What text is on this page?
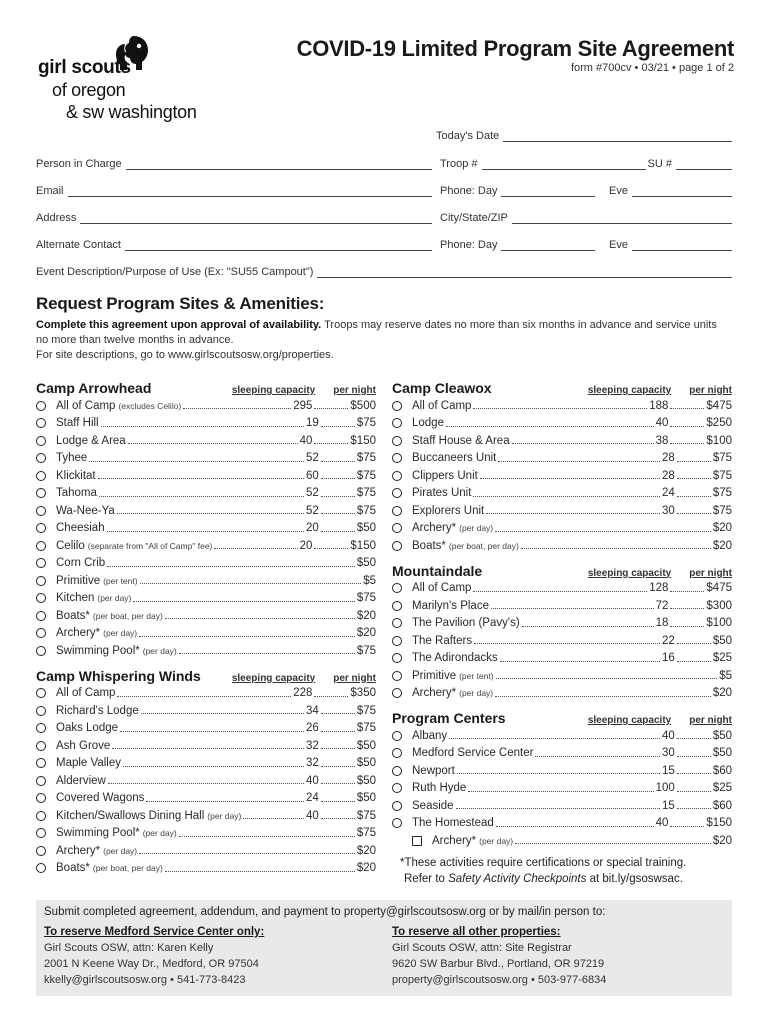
girl scouts
of oregon
& sw washington
COVID-19 Limited Program Site Agreement
form #700cv • 03/21 • page 1 of 2
Today's Date
Person in Charge	Troop #	SU #
Email	Phone: Day	Eve
Address	City/State/ZIP
Alternate Contact	Phone: Day	Eve
Event Description/Purpose of Use (Ex: "SU55 Campout")
Request Program Sites & Amenities:
Complete this agreement upon approval of availability. Troops may reserve dates no more than six months in advance and service units no more than twelve months in advance.
For site descriptions, go to www.girlscoutsosw.org/properties.
Camp Arrowhead	sleeping capacity per night
All of Camp (excludes Celilo)	295	$500
Staff Hill	19	$75
Lodge & Area	40	$150
Tyhee	52	$75
Klickitat	60	$75
Tahoma	52	$75
Wa-Nee-Ya	52	$75
Cheesiah	20	$50
Celilo (separate from "All of Camp" fee)	20	$150
Corn Crib	$50
Primitive (per tent)	$5
Kitchen (per day)	$75
Boats* (per boat, per day)	$20
Archery* (per day)	$20
Swimming Pool* (per day)	$75
Camp Whispering Winds	sleeping capacity per night
All of Camp	228	$350
Richard's Lodge	34	$75
Oaks Lodge	26	$75
Ash Grove	32	$50
Maple Valley	32	$50
Alderview	40	$50
Covered Wagons	24	$50
Kitchen/Swallows Dining Hall (per day)	40	$75
Swimming Pool* (per day)	$75
Archery* (per day)	$20
Boats* (per boat, per day)	$20
Camp Cleawox	sleeping capacity per night
All of Camp	188	$475
Lodge	40	$250
Staff House & Area	38	$100
Buccaneers Unit	28	$75
Clippers Unit	28	$75
Pirates Unit	24	$75
Explorers Unit	30	$75
Archery* (per day)	$20
Boats* (per boat, per day)	$20
Mountaindale	sleeping capacity per night
All of Camp	128	$475
Marilyn's Place	72	$300
The Pavilion (Pavy's)	18	$100
The Rafters	22	$50
The Adirondacks	16	$25
Primitive (per tent)	$5
Archery* (per day)	$20
Program Centers	sleeping capacity per night
Albany	40	$50
Medford Service Center	30	$50
Newport	15	$60
Ruth Hyde	100	$25
Seaside	15	$60
The Homestead	40	$150
Archery* (per day)	$20
*These activities require certifications or special training.
Refer to Safety Activity Checkpoints at bit.ly/gsoswsac.
Submit completed agreement, addendum, and payment to property@girlscoutsosw.org or by mail/in person to:
To reserve Medford Service Center only:
Girl Scouts OSW, attn: Karen Kelly
2001 N Keene Way Dr., Medford, OR 97504
kkelly@girlscoutsosw.org • 541-773-8423
To reserve all other properties:
Girl Scouts OSW, attn: Site Registrar
9620 SW Barbur Blvd., Portland, OR 97219
property@girlscoutsosw.org • 503-977-6834
